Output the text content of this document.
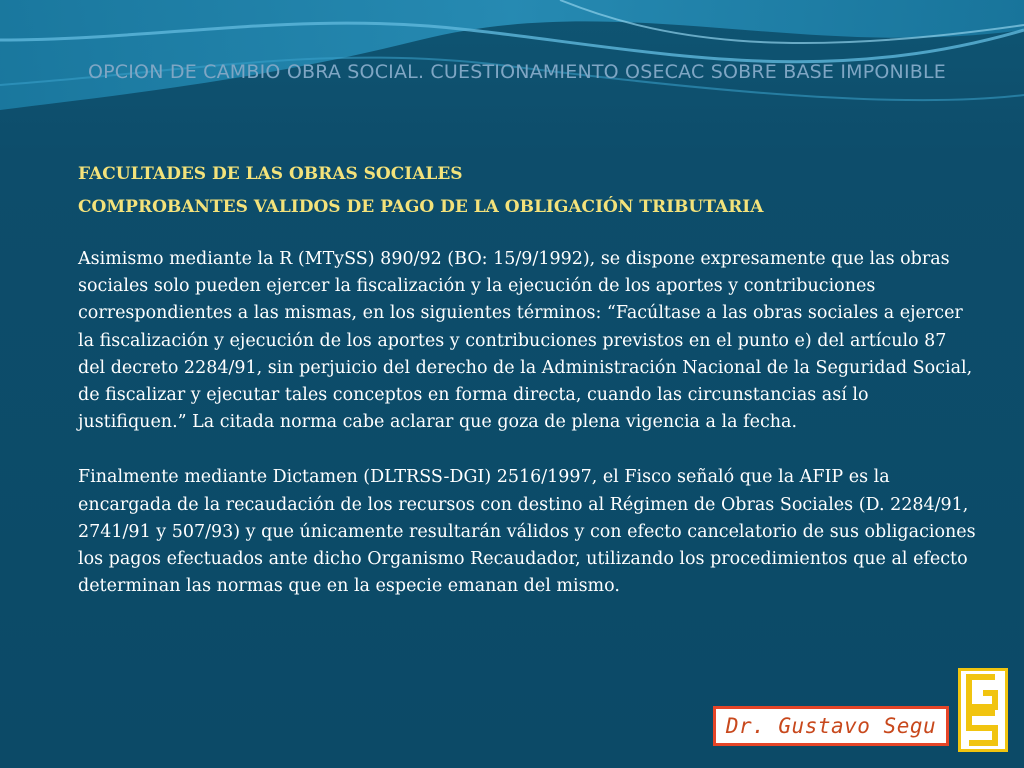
OPCION DE CAMBIO OBRA SOCIAL. CUESTIONAMIENTO OSECAC SOBRE BASE IMPONIBLE

FACULTADES DE LAS OBRAS SOCIALES

COMPROBANTES VALIDOS DE PAGO DE LA OBLIGACIÓN TRIBUTARIA

Asimismo mediante la R (MTySS) 890/92 (BO: 15/9/1992), se dispone expresamente que las obras sociales solo pueden ejercer la fiscalización y la ejecución de los aportes y contribuciones correspondientes a las mismas, en los siguientes términos: “Facúltase a las obras sociales a ejercer la fiscalización y ejecución de los aportes y contribuciones previstos en el punto e) del artículo 87 del decreto 2284/91, sin perjuicio del derecho de la Administración Nacional de la Seguridad Social, de fiscalizar y ejecutar tales conceptos en forma directa, cuando las circunstancias así lo justifiquen.” La citada norma cabe aclarar que goza de plena vigencia a la fecha.

Finalmente mediante Dictamen (DLTRSS-DGI) 2516/1997, el Fisco señaló que la AFIP es la encargada de la recaudación de los recursos con destino al Régimen de Obras Sociales (D. 2284/91, 2741/91 y 507/93) y que únicamente resultarán válidos y con efecto cancelatorio de sus obligaciones los pagos efectuados ante dicho Organismo Recaudador, utilizando los procedimientos que al efecto determinan las normas que en la especie emanan del mismo.

Dr. Gustavo Segu
